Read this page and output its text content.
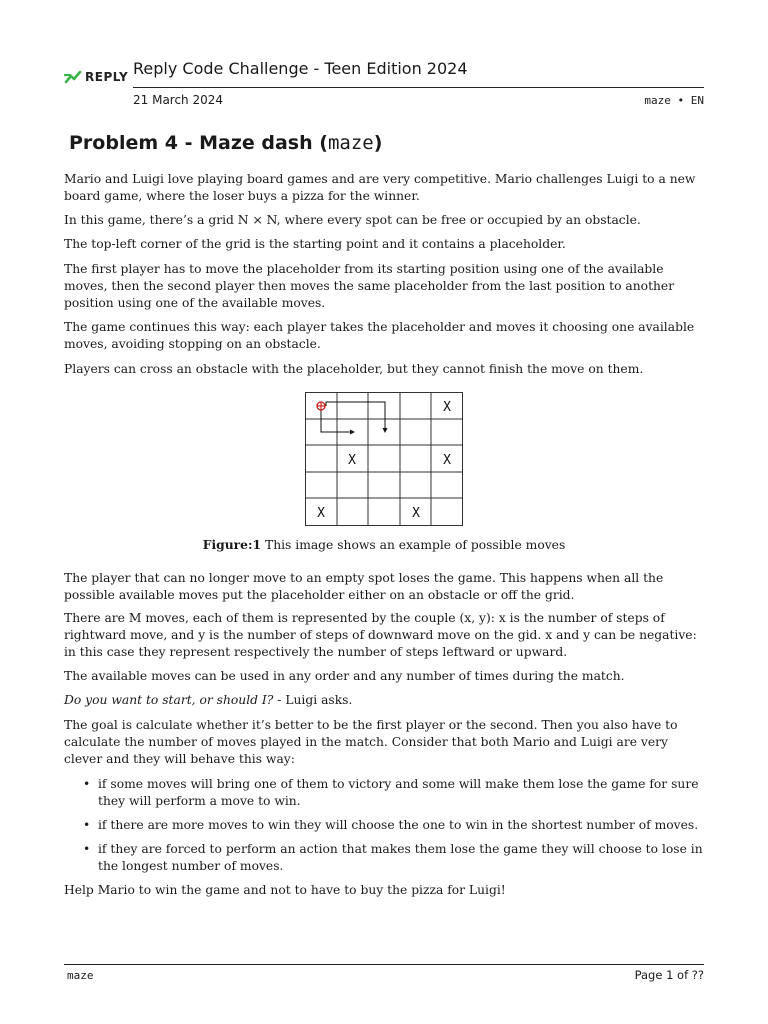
REPLY Reply Code Challenge - Teen Edition 2024
21 March 2024	maze • EN
Problem 4 - Maze dash (maze)

Mario and Luigi love playing board games and are very competitive. Mario challenges Luigi to a new board game, where the loser buys a pizza for the winner.

In this game, there’s a grid N × N, where every spot can be free or occupied by an obstacle.

The top-left corner of the grid is the starting point and it contains a placeholder.

The first player has to move the placeholder from its starting position using one of the available moves, then the second player then moves the same placeholder from the last position to another position using one of the available moves.

The game continues this way: each player takes the placeholder and moves it choosing one available moves, avoiding stopping on an obstacle.

Players can cross an obstacle with the placeholder, but they cannot finish the move on them.

X
X	X
X	X
Figure:1 This image shows an example of possible moves

The player that can no longer move to an empty spot loses the game. This happens when all the possible available moves put the placeholder either on an obstacle or off the grid.

There are M moves, each of them is represented by the couple (x, y): x is the number of steps of rightward move, and y is the number of steps of downward move on the gid. x and y can be negative: in this case they represent respectively the number of steps leftward or upward.

The available moves can be used in any order and any number of times during the match.

Do you want to start, or should I? - Luigi asks.

The goal is calculate whether it’s better to be the first player or the second. Then you also have to calculate the number of moves played in the match. Consider that both Mario and Luigi are very clever and they will behave this way:

• if some moves will bring one of them to victory and some will make them lose the game for sure they will perform a move to win.
• if there are more moves to win they will choose the one to win in the shortest number of moves.
• if they are forced to perform an action that makes them lose the game they will choose to lose in the longest number of moves.

Help Mario to win the game and not to have to buy the pizza for Luigi!

maze	Page 1 of ??
